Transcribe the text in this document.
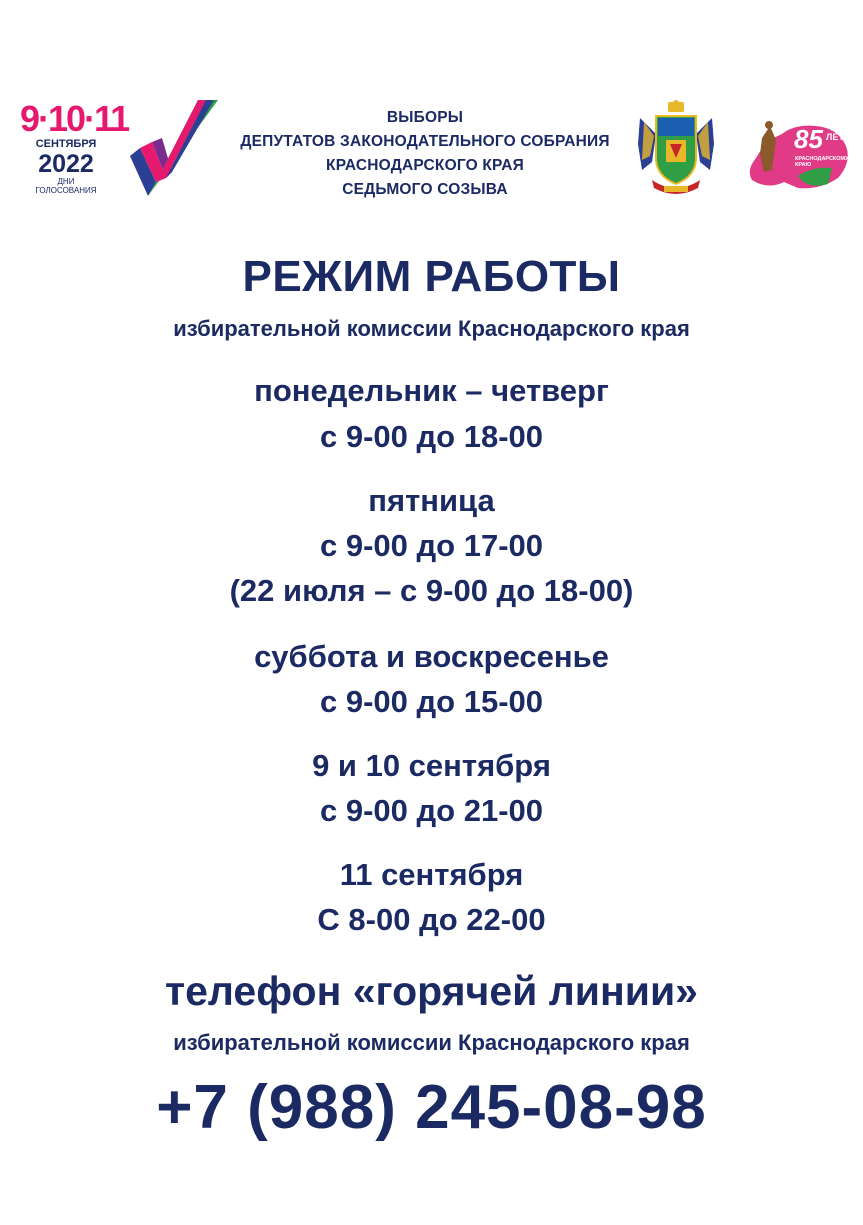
9·10·11
СЕНТЯБРЯ
2022
ДНИ
ГОЛОСОВАНИЯ
ВЫБОРЫ
ДЕПУТАТОВ ЗАКОНОДАТЕЛЬНОГО СОБРАНИЯ
КРАСНОДАРСКОГО КРАЯ
СЕДЬМОГО СОЗЫВА
85 ЛЕТ
КРАСНОДАРСКОМУ КРАЮ
РЕЖИМ РАБОТЫ
избирательной комиссии Краснодарского края
понедельник – четверг
с 9-00 до 18-00
пятница
с 9-00 до 17-00
(22 июля – с 9-00 до 18-00)
суббота и воскресенье
с 9-00 до 15-00
9 и 10 сентября
с 9-00 до 21-00
11 сентября
С 8-00 до 22-00
телефон «горячей линии»
избирательной комиссии Краснодарского края
+7 (988) 245-08-98
